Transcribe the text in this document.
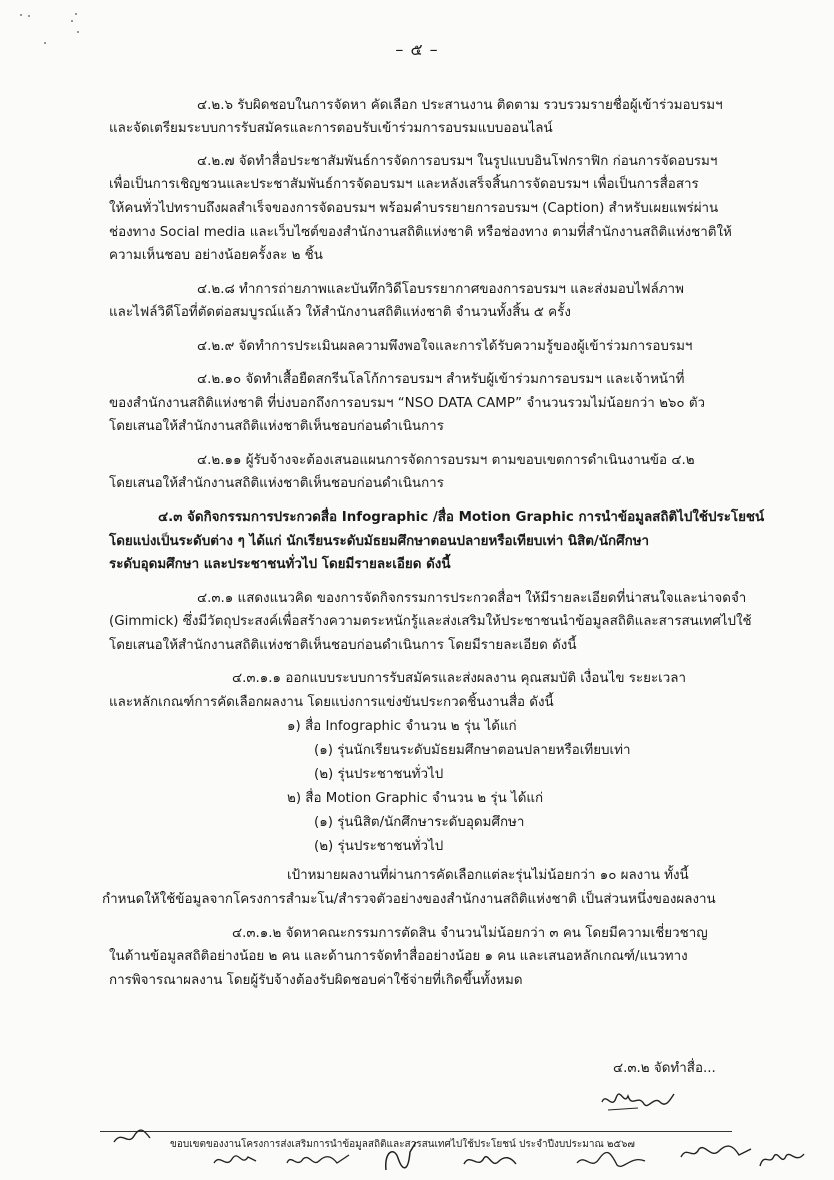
– ๕ –
๔.๒.๖ รับผิดชอบในการจัดหา คัดเลือก ประสานงาน ติดตาม รวบรวมรายชื่อผู้เข้าร่วมอบรมฯ
และจัดเตรียมระบบการรับสมัครและการตอบรับเข้าร่วมการอบรมแบบออนไลน์
๔.๒.๗ จัดทำสื่อประชาสัมพันธ์การจัดการอบรมฯ ในรูปแบบอินโฟกราฟิก ก่อนการจัดอบรมฯ
เพื่อเป็นการเชิญชวนและประชาสัมพันธ์การจัดอบรมฯ และหลังเสร็จสิ้นการจัดอบรมฯ เพื่อเป็นการสื่อสาร
ให้คนทั่วไปทราบถึงผลสำเร็จของการจัดอบรมฯ พร้อมคำบรรยายการอบรมฯ (Caption) สำหรับเผยแพร่ผ่าน
ช่องทาง Social media และเว็บไซต์ของสำนักงานสถิติแห่งชาติ หรือช่องทาง ตามที่สำนักงานสถิติแห่งชาติให้
ความเห็นชอบ อย่างน้อยครั้งละ ๒ ชิ้น
๔.๒.๘ ทำการถ่ายภาพและบันทึกวิดีโอบรรยากาศของการอบรมฯ และส่งมอบไฟล์ภาพ
และไฟล์วิดีโอที่ตัดต่อสมบูรณ์แล้ว ให้สำนักงานสถิติแห่งชาติ จำนวนทั้งสิ้น ๕ ครั้ง
๔.๒.๙ จัดทำการประเมินผลความพึงพอใจและการได้รับความรู้ของผู้เข้าร่วมการอบรมฯ
๔.๒.๑๐ จัดทำเสื้อยืดสกรีนโลโก้การอบรมฯ สำหรับผู้เข้าร่วมการอบรมฯ และเจ้าหน้าที่
ของสำนักงานสถิติแห่งชาติ ที่บ่งบอกถึงการอบรมฯ “NSO DATA CAMP” จำนวนรวมไม่น้อยกว่า ๒๖๐ ตัว
โดยเสนอให้สำนักงานสถิติแห่งชาติเห็นชอบก่อนดำเนินการ
๔.๒.๑๑ ผู้รับจ้างจะต้องเสนอแผนการจัดการอบรมฯ ตามขอบเขตการดำเนินงานข้อ ๔.๒
โดยเสนอให้สำนักงานสถิติแห่งชาติเห็นชอบก่อนดำเนินการ
๔.๓ จัดกิจกรรมการประกวดสื่อ Infographic /สื่อ Motion Graphic การนำข้อมูลสถิติไปใช้ประโยชน์
โดยแบ่งเป็นระดับต่าง ๆ ได้แก่ นักเรียนระดับมัธยมศึกษาตอนปลายหรือเทียบเท่า นิสิต/นักศึกษา
ระดับอุดมศึกษา และประชาชนทั่วไป โดยมีรายละเอียด ดังนี้
๔.๓.๑ แสดงแนวคิด ของการจัดกิจกรรมการประกวดสื่อฯ ให้มีรายละเอียดที่น่าสนใจและน่าจดจำ
(Gimmick) ซึ่งมีวัตถุประสงค์เพื่อสร้างความตระหนักรู้และส่งเสริมให้ประชาชนนำข้อมูลสถิติและสารสนเทศไปใช้
โดยเสนอให้สำนักงานสถิติแห่งชาติเห็นชอบก่อนดำเนินการ โดยมีรายละเอียด ดังนี้
๔.๓.๑.๑ ออกแบบระบบการรับสมัครและส่งผลงาน คุณสมบัติ เงื่อนไข ระยะเวลา
และหลักเกณฑ์การคัดเลือกผลงาน โดยแบ่งการแข่งขันประกวดชิ้นงานสื่อ ดังนี้
๑) สื่อ Infographic จำนวน ๒ รุ่น ได้แก่
(๑) รุ่นนักเรียนระดับมัธยมศึกษาตอนปลายหรือเทียบเท่า
(๒) รุ่นประชาชนทั่วไป
๒) สื่อ Motion Graphic จำนวน ๒ รุ่น ได้แก่
(๑) รุ่นนิสิต/นักศึกษาระดับอุดมศึกษา
(๒) รุ่นประชาชนทั่วไป
เป้าหมายผลงานที่ผ่านการคัดเลือกแต่ละรุ่นไม่น้อยกว่า ๑๐ ผลงาน ทั้งนี้
กำหนดให้ใช้ข้อมูลจากโครงการสำมะโน/สำรวจตัวอย่างของสำนักงานสถิติแห่งชาติ เป็นส่วนหนึ่งของผลงาน
๔.๓.๑.๒ จัดหาคณะกรรมการตัดสิน จำนวนไม่น้อยกว่า ๓ คน โดยมีความเชี่ยวชาญ
ในด้านข้อมูลสถิติอย่างน้อย ๒ คน และด้านการจัดทำสื่ออย่างน้อย ๑ คน และเสนอหลักเกณฑ์/แนวทาง
การพิจารณาผลงาน โดยผู้รับจ้างต้องรับผิดชอบค่าใช้จ่ายที่เกิดขึ้นทั้งหมด
๔.๓.๒ จัดทำสื่อ...
ขอบเขตของงานโครงการส่งเสริมการนำข้อมูลสถิติและสารสนเทศไปใช้ประโยชน์ ประจำปีงบประมาณ ๒๕๖๗
